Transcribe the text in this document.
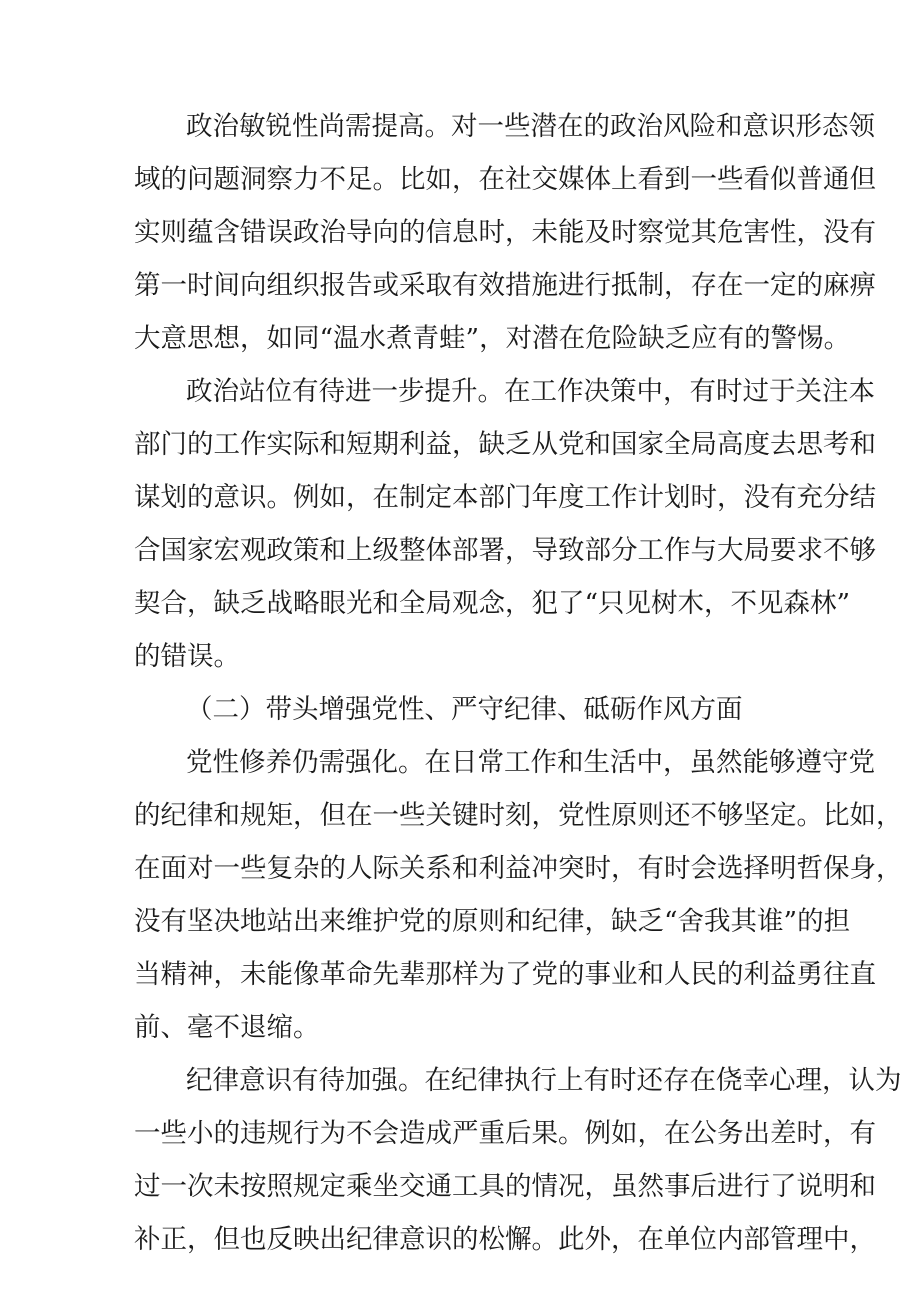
政治敏锐性尚需提高。对一些潜在的政治风险和意识形态领
域的问题洞察力不足。比如，在社交媒体上看到一些看似普通但
实则蕴含错误政治导向的信息时，未能及时察觉其危害性，没有
第一时间向组织报告或采取有效措施进行抵制，存在一定的麻痹
大意思想，如同“温水煮青蛙”，对潜在危险缺乏应有的警惕。
政治站位有待进一步提升。在工作决策中，有时过于关注本
部门的工作实际和短期利益，缺乏从党和国家全局高度去思考和
谋划的意识。例如，在制定本部门年度工作计划时，没有充分结
合国家宏观政策和上级整体部署，导致部分工作与大局要求不够
契合，缺乏战略眼光和全局观念，犯了“只见树木，不见森林”
的错误。
（二）带头增强党性、严守纪律、砥砺作风方面
党性修养仍需强化。在日常工作和生活中，虽然能够遵守党
的纪律和规矩，但在一些关键时刻，党性原则还不够坚定。比如，
在面对一些复杂的人际关系和利益冲突时，有时会选择明哲保身，
没有坚决地站出来维护党的原则和纪律，缺乏“舍我其谁”的担
当精神，未能像革命先辈那样为了党的事业和人民的利益勇往直
前、毫不退缩。
纪律意识有待加强。在纪律执行上有时还存在侥幸心理，认为
一些小的违规行为不会造成严重后果。例如，在公务出差时，有
过一次未按照规定乘坐交通工具的情况，虽然事后进行了说明和
补正，但也反映出纪律意识的松懈。此外，在单位内部管理中，
